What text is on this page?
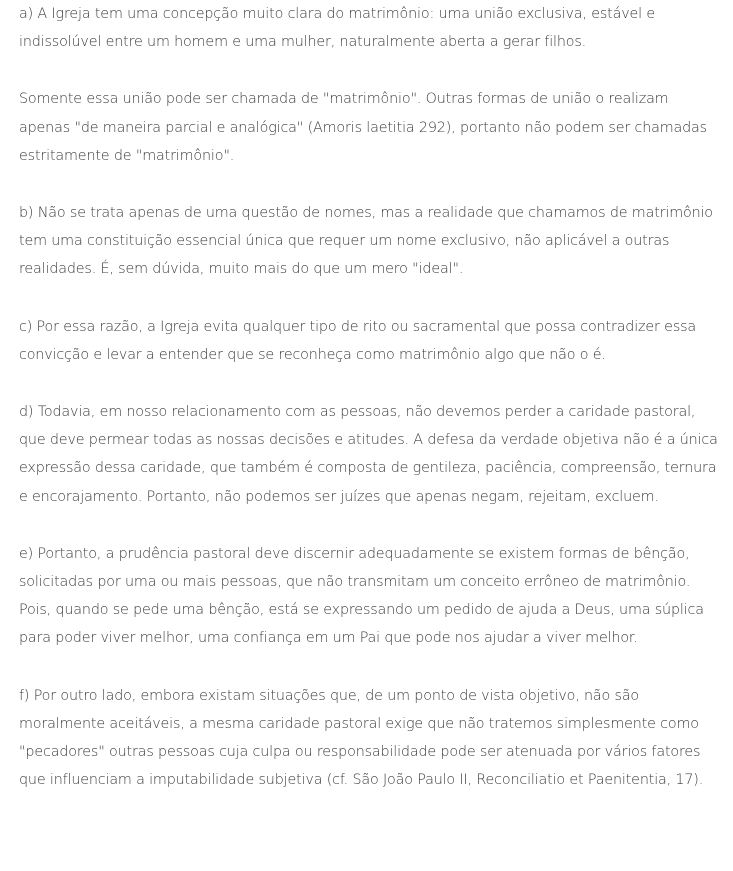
a) A Igreja tem uma concepção muito clara do matrimônio: uma união exclusiva, estável e indissolúvel entre um homem e uma mulher, naturalmente aberta a gerar filhos.

Somente essa união pode ser chamada de "matrimônio". Outras formas de união o realizam apenas "de maneira parcial e analógica" (Amoris laetitia 292), portanto não podem ser chamadas estritamente de "matrimônio".

b) Não se trata apenas de uma questão de nomes, mas a realidade que chamamos de matrimônio tem uma constituição essencial única que requer um nome exclusivo, não aplicável a outras realidades. É, sem dúvida, muito mais do que um mero "ideal".

c) Por essa razão, a Igreja evita qualquer tipo de rito ou sacramental que possa contradizer essa convicção e levar a entender que se reconheça como matrimônio algo que não o é.

d) Todavia, em nosso relacionamento com as pessoas, não devemos perder a caridade pastoral, que deve permear todas as nossas decisões e atitudes. A defesa da verdade objetiva não é a única expressão dessa caridade, que também é composta de gentileza, paciência, compreensão, ternura e encorajamento. Portanto, não podemos ser juízes que apenas negam, rejeitam, excluem.

e) Portanto, a prudência pastoral deve discernir adequadamente se existem formas de bênção, solicitadas por uma ou mais pessoas, que não transmitam um conceito errôneo de matrimônio. Pois, quando se pede uma bênção, está se expressando um pedido de ajuda a Deus, uma súplica para poder viver melhor, uma confiança em um Pai que pode nos ajudar a viver melhor.

f) Por outro lado, embora existam situações que, de um ponto de vista objetivo, não são moralmente aceitáveis, a mesma caridade pastoral exige que não tratemos simplesmente como "pecadores" outras pessoas cuja culpa ou responsabilidade pode ser atenuada por vários fatores que influenciam a imputabilidade subjetiva (cf. São João Paulo II, Reconciliatio et Paenitentia, 17).
